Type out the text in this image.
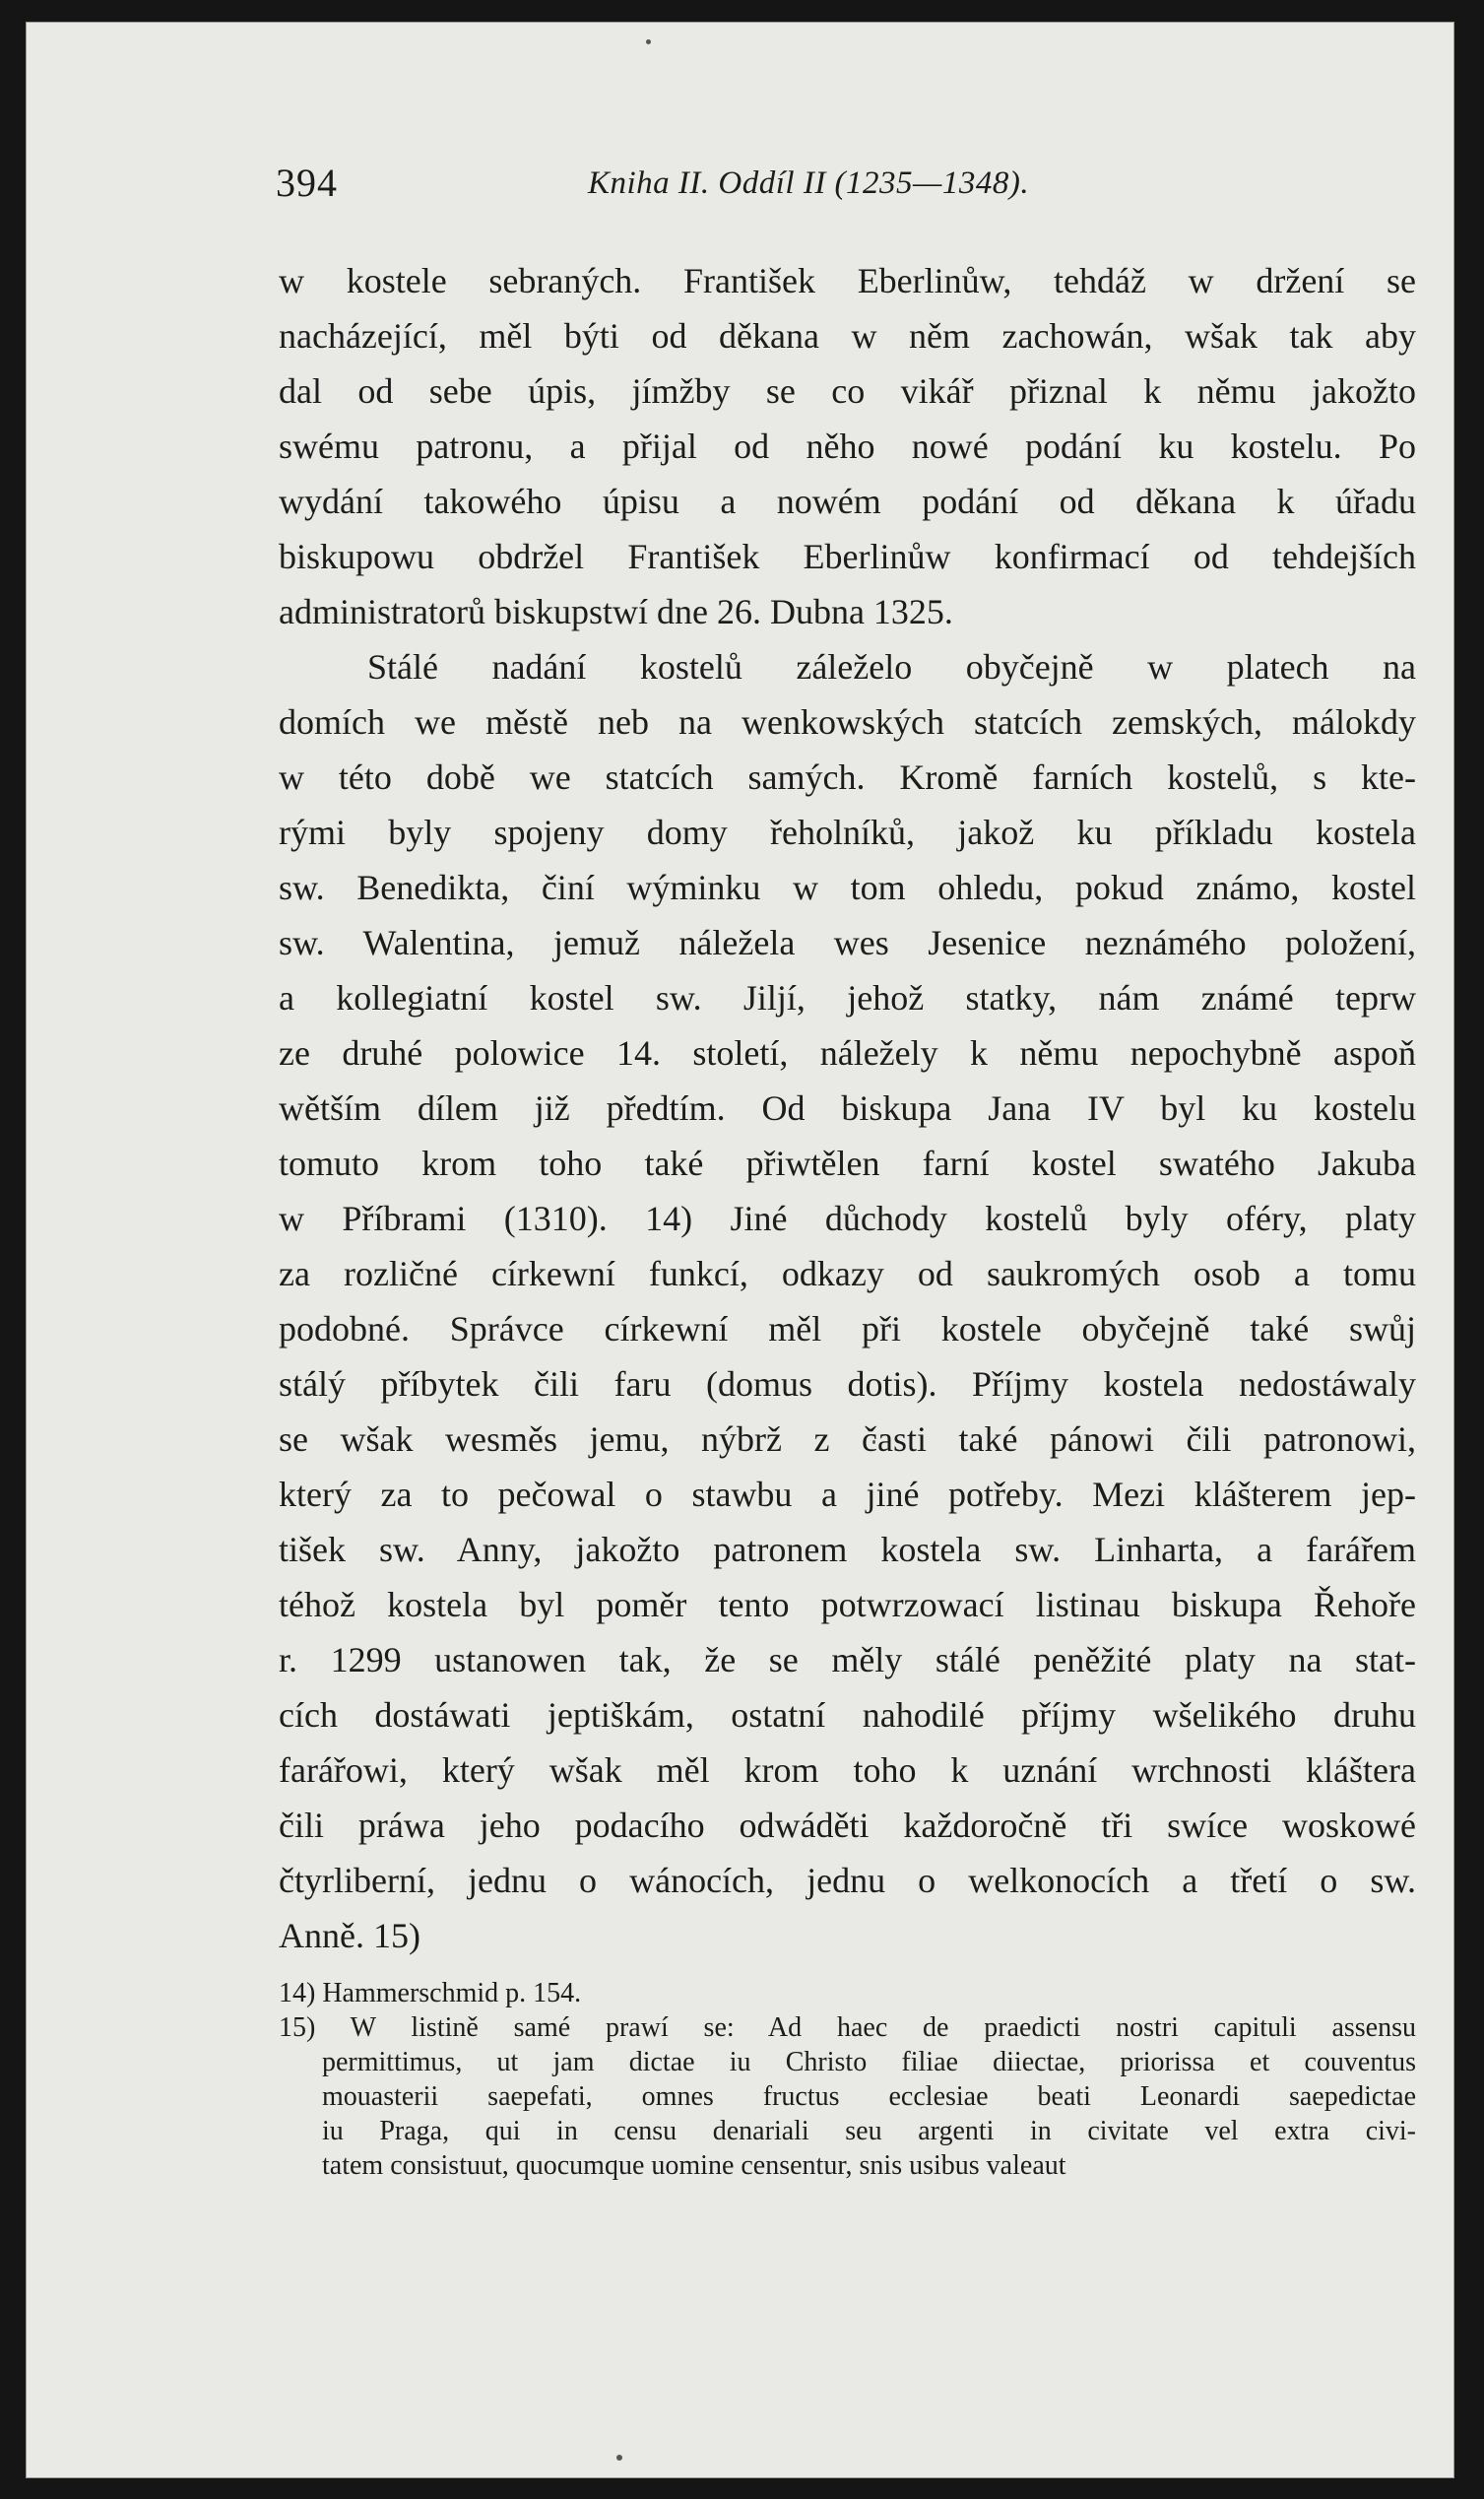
394	Kniha II. Oddíl II (1235—1348).
w kostele sebraných. František Eberlinůw, tehdáž w držení se
nacházející, měl býti od děkana w něm zachowán, wšak tak aby
dal od sebe úpis, jímžby se co vikář přiznal k němu jakožto
swému patronu, a přijal od něho nowé podání ku kostelu. Po
wydání takowého úpisu a nowém podání od děkana k úřadu
biskupowu obdržel František Eberlinůw konfirmací od tehdejších
administratorů biskupstwí dne 26. Dubna 1325.
Stálé nadání kostelů záleželo obyčejně w platech na
domích we městě neb na wenkowských statcích zemských, málokdy
w této době we statcích samých. Kromě farních kostelů, s kte-
rými byly spojeny domy řeholníků, jakož ku příkladu kostela
sw. Benedikta, činí wýminku w tom ohledu, pokud známo, kostel
sw. Walentina, jemuž náležela wes Jesenice neznámého položení,
a kollegiatní kostel sw. Jiljí, jehož statky, nám známé teprw
ze druhé polowice 14. století, náležely k němu nepochybně aspoň
wětším dílem již předtím. Od biskupa Jana IV byl ku kostelu
tomuto krom toho také přiwtělen farní kostel swatého Jakuba
w Příbrami (1310). 14) Jiné důchody kostelů byly oféry, platy
za rozličné církewní funkcí, odkazy od saukromých osob a tomu
podobné. Správce církewní měl při kostele obyčejně také swůj
stálý příbytek čili faru (domus dotis). Příjmy kostela nedostáwaly
se wšak wesměs jemu, nýbrž z časti také pánowi čili patronowi,
který za to pečowal o stawbu a jiné potřeby. Mezi klášterem jep-
tišek sw. Anny, jakožto patronem kostela sw. Linharta, a farářem
téhož kostela byl poměr tento potwrzowací listinau biskupa Řehoře
r. 1299 ustanowen tak, že se měly stálé peněžité platy na stat-
cích dostáwati jeptiškám, ostatní nahodilé příjmy wšelikého druhu
farářowi, který wšak měl krom toho k uznání wrchnosti kláštera
čili práwa jeho podacího odwáděti každoročně tři swíce woskowé
čtyrliberní, jednu o wánocích, jednu o welkonocích a třetí o sw.
Anně. 15)
14) Hammerschmid p. 154.
15) W listině samé prawí se: Ad haec de praedicti nostri capituli assensu
permittimus, ut jam dictae iu Christo filiae diiectae, priorissa et couventus
mouasterii saepefati, omnes fructus ecclesiae beati Leonardi saepedictae
iu Praga, qui in censu denariali seu argenti in civitate vel extra civi-
tatem consistuut, quocumque uomine censentur, snis usibus valeaut
